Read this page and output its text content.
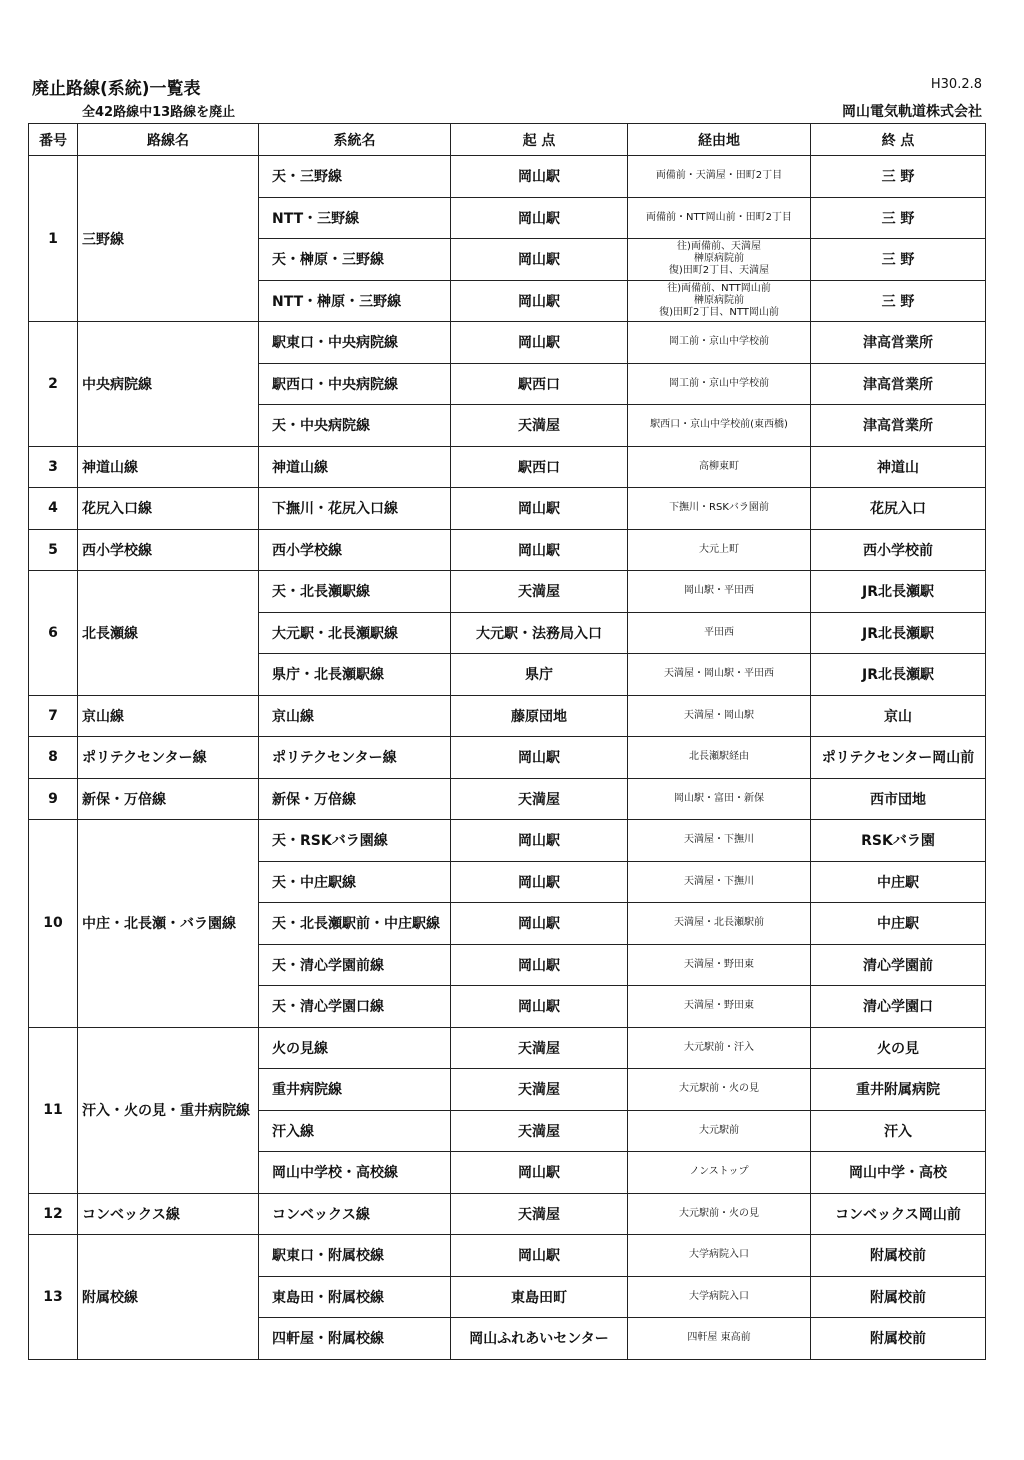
廃止路線(系統)一覧表
全42路線中13路線を廃止
H30.2.8
岡山電気軌道株式会社
番号	路線名	系統名	起 点	経由地	終 点
1	三野線	天・三野線	岡山駅	両備前・天満屋・田町2丁目	三 野
		NTT・三野線	岡山駅	両備前・NTT岡山前・田町2丁目	三 野
		天・榊原・三野線	岡山駅	往)両備前、天満屋
榊原病院前
復)田町2丁目、天満屋	三 野
		NTT・榊原・三野線	岡山駅	往)両備前、NTT岡山前
榊原病院前
復)田町2丁目、NTT岡山前	三 野
2	中央病院線	駅東口・中央病院線	岡山駅	岡工前・京山中学校前	津高営業所
		駅西口・中央病院線	駅西口	岡工前・京山中学校前	津高営業所
		天・中央病院線	天満屋	駅西口・京山中学校前(東西橋)	津高営業所
3	神道山線	神道山線	駅西口	高柳東町	神道山
4	花尻入口線	下撫川・花尻入口線	岡山駅	下撫川・RSKバラ園前	花尻入口
5	西小学校線	西小学校線	岡山駅	大元上町	西小学校前
6	北長瀬線	天・北長瀬駅線	天満屋	岡山駅・平田西	JR北長瀬駅
		大元駅・北長瀬駅線	大元駅・法務局入口	平田西	JR北長瀬駅
		県庁・北長瀬駅線	県庁	天満屋・岡山駅・平田西	JR北長瀬駅
7	京山線	京山線	藤原団地	天満屋・岡山駅	京山
8	ポリテクセンター線	ポリテクセンター線	岡山駅	北長瀬駅経由	ポリテクセンター岡山前
9	新保・万倍線	新保・万倍線	天満屋	岡山駅・富田・新保	西市団地
10	中庄・北長瀬・バラ園線	天・RSKバラ園線	岡山駅	天満屋・下撫川	RSKバラ園
		天・中庄駅線	岡山駅	天満屋・下撫川	中庄駅
		天・北長瀬駅前・中庄駅線	岡山駅	天満屋・北長瀬駅前	中庄駅
		天・清心学園前線	岡山駅	天満屋・野田東	清心学園前
		天・清心学園口線	岡山駅	天満屋・野田東	清心学園口
11	汗入・火の見・重井病院線	火の見線	天満屋	大元駅前・汗入	火の見
		重井病院線	天満屋	大元駅前・火の見	重井附属病院
		汗入線	天満屋	大元駅前	汗入
		岡山中学校・高校線	岡山駅	ノンストップ	岡山中学・高校
12	コンベックス線	コンベックス線	天満屋	大元駅前・火の見	コンベックス岡山前
13	附属校線	駅東口・附属校線	岡山駅	大学病院入口	附属校前
		東島田・附属校線	東島田町	大学病院入口	附属校前
		四軒屋・附属校線	岡山ふれあいセンター	四軒屋 東高前	附属校前
